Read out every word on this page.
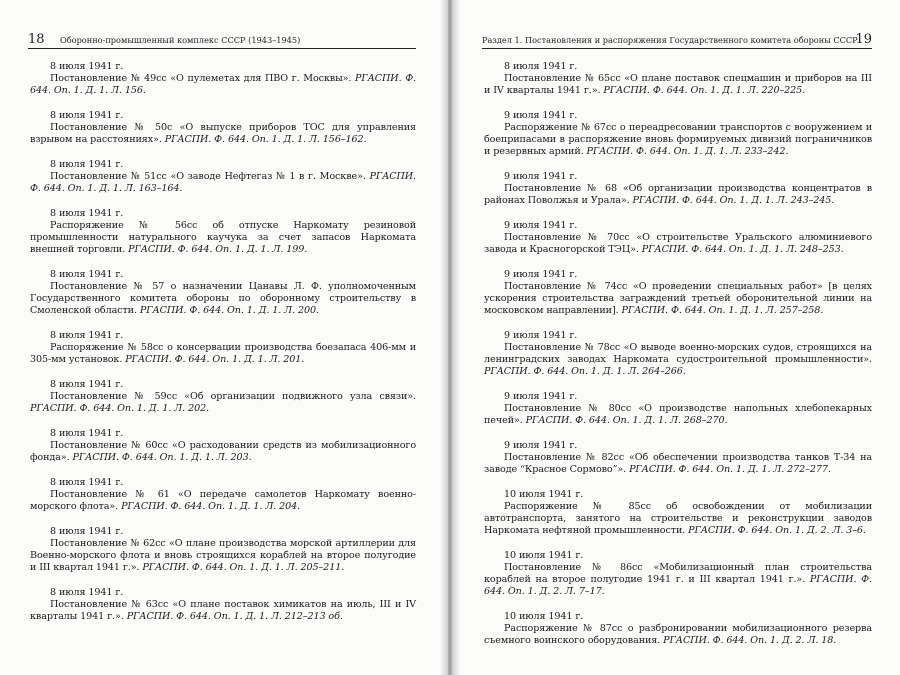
18 Оборонно-промышленный комплекс СССР (1943–1945)
8 июля 1941 г.
Постановление № 49сс «О пулеметах для ПВО г. Москвы». РГАСПИ. Ф. 644. Оп. 1. Д. 1. Л. 156.
8 июля 1941 г.
Постановление № 50с «О выпуске приборов ТОС для управления взрывом на расстояниях». РГАСПИ. Ф. 644. Оп. 1. Д. 1. Л. 156–162.
8 июля 1941 г.
Постановление № 51сс «О заводе Нефтегаз № 1 в г. Москве». РГАСПИ. Ф. 644. Оп. 1. Д. 1. Л. 163–164.
8 июля 1941 г.
Распоряжение № 56сс об отпуске Наркомату резиновой промышленности натурального каучука за счет запасов Наркомата внешней торговли. РГАСПИ. Ф. 644. Оп. 1. Д. 1. Л. 199.
8 июля 1941 г.
Постановление № 57 о назначении Цанавы Л. Ф. уполномоченным Государственного комитета обороны по оборонному строительству в Смоленской области. РГАСПИ. Ф. 644. Оп. 1. Д. 1. Л. 200.
8 июля 1941 г.
Распоряжение № 58сс о консервации производства боезапаса 406-мм и 305-мм установок. РГАСПИ. Ф. 644. Оп. 1. Д. 1. Л. 201.
8 июля 1941 г.
Постановление № 59сс «Об организации подвижного узла связи». РГАСПИ. Ф. 644. Оп. 1. Д. 1. Л. 202.
8 июля 1941 г.
Постановление № 60сс «О расходовании средств из мобилизационного фонда». РГАСПИ. Ф. 644. Оп. 1. Д. 1. Л. 203.
8 июля 1941 г.
Постановление № 61 «О передаче самолетов Наркомату военно-морского флота». РГАСПИ. Ф. 644. Оп. 1. Д. 1. Л. 204.
8 июля 1941 г.
Постановление № 62сс «О плане производства морской артиллерии для Военно-морского флота и вновь строящихся кораблей на второе полугодие и III квартал 1941 г.». РГАСПИ. Ф. 644. Оп. 1. Д. 1. Л. 205–211.
8 июля 1941 г.
Постановление № 63сс «О плане поставок химикатов на июль, III и IV кварталы 1941 г.». РГАСПИ. Ф. 644. Оп. 1. Д. 1. Л. 212–213 об.
Раздел 1. Постановления и распоряжения Государственного комитета обороны СССР
19
8 июля 1941 г.
Постановление № 65сс «О плане поставок спецмашин и приборов на III и IV кварталы 1941 г.». РГАСПИ. Ф. 644. Оп. 1. Д. 1. Л. 220–225.
9 июля 1941 г.
Распоряжение № 67сс о переадресовании транспортов с вооружением и боеприпасами в распоряжение вновь формируемых дивизий пограничников и резервных армий. РГАСПИ. Ф. 644. Оп. 1. Д. 1. Л. 233–242.
9 июля 1941 г.
Постановление № 68 «Об организации производства концентратов в районах Поволжья и Урала». РГАСПИ. Ф. 644. Оп. 1. Д. 1. Л. 243–245.
9 июля 1941 г.
Постановление № 70сс «О строительстве Уральского алюминиевого завода и Красногорской ТЭЦ». РГАСПИ. Ф. 644. Оп. 1. Д. 1. Л. 248–253.
9 июля 1941 г.
Постановление № 74сс «О проведении специальных работ» [в целях ускорения строительства заграждений третьей оборонительной линии на московском направлении]. РГАСПИ. Ф. 644. Оп. 1. Д. 1. Л. 257–258.
9 июля 1941 г.
Постановление № 78сс «О выводе военно-морских судов, строящихся на ленинградских заводах Наркомата судостроительной промышленности». РГАСПИ. Ф. 644. Оп. 1. Д. 1. Л. 264–266.
9 июля 1941 г.
Постановление № 80сс «О производстве напольных хлебопекарных печей». РГАСПИ. Ф. 644. Оп. 1. Д. 1. Л. 268–270.
9 июля 1941 г.
Постановление № 82сс «Об обеспечении производства танков Т-34 на заводе “Красное Сормово”». РГАСПИ. Ф. 644. Оп. 1. Д. 1. Л. 272–277.
10 июля 1941 г.
Распоряжение № 85сс об освобождении от мобилизации автотранспорта, занятого на строительстве и реконструкции заводов Наркомата нефтяной промышленности. РГАСПИ. Ф. 644. Оп. 1. Д. 2. Л. 3–6.
10 июля 1941 г.
Постановление № 86сс «Мобилизационный план строительства кораблей на второе полугодие 1941 г. и III квартал 1941 г.». РГАСПИ. Ф. 644. Оп. 1. Д. 2. Л. 7–17.
10 июля 1941 г.
Распоряжение № 87сс о разбронировании мобилизационного резерва съемного воинского оборудования. РГАСПИ. Ф. 644. Оп. 1. Д. 2. Л. 18.
